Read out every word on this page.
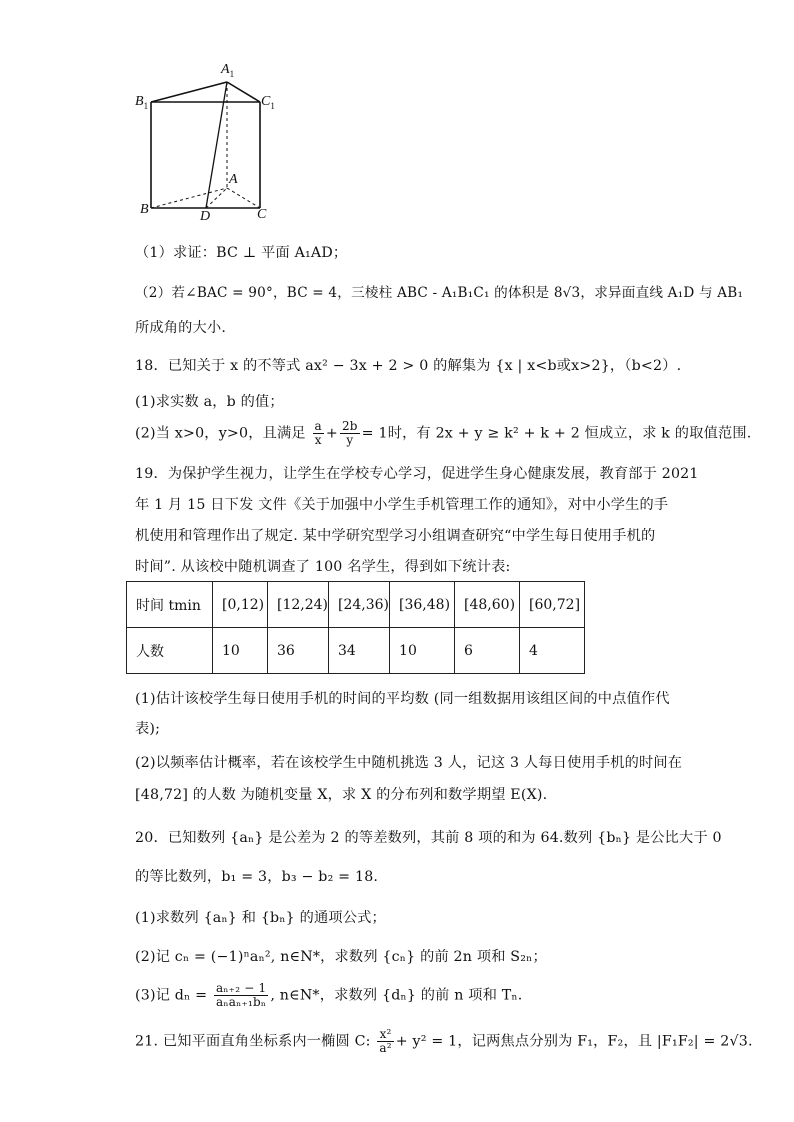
$A_1$
$B_1$	$C_1$
A
B	C
D
（1）求证：BC ⊥ 平面 A₁AD；
（2）若∠BAC = 90°，BC = 4，三棱柱 ABC - A₁B₁C₁ 的体积是 8√3，求异面直线 A₁D 与 AB₁
所成角的大小.
18．已知关于 x 的不等式 ax² − 3x + 2 > 0 的解集为 {x | x<b或x>2}，（b<2）.
(1)求实数 a，b 的值；
(2)当 x>0，y>0，且满足 $\frac{a}{x} + \frac{2b}{y} = 1$时，有 2x + y ≥ k² + k + 2 恒成立，求 k 的取值范围.
19．为保护学生视力，让学生在学校专心学习，促进学生身心健康发展，教育部于 2021
年 1 月 15 日下发 文件《关于加强中小学生手机管理工作的通知》，对中小学生的手
机使用和管理作出了规定. 某中学研究型学习小组调查研究“中学生每日使用手机的
时间”. 从该校中随机调查了 100 名学生，得到如下统计表:
时间 tmin	[0,12)	[12,24)	[24,36)	[36,48)	[48,60)	[60,72]
人数	10	36	34	10	6	4
(1)估计该校学生每日使用手机的时间的平均数 (同一组数据用该组区间的中点值作代
表);
(2)以频率估计概率，若在该校学生中随机挑选 3 人，记这 3 人每日使用手机的时间在
[48,72] 的人数 为随机变量 X，求 X 的分布列和数学期望 E(X).
20．已知数列 {aₙ} 是公差为 2 的等差数列，其前 8 项的和为 64.数列 {bₙ} 是公比大于 0
的等比数列，b₁ = 3，b₃ − b₂ = 18.
(1)求数列 {aₙ} 和 {bₙ} 的通项公式；
(2)记 cₙ = (−1)ⁿaₙ², n∈N*，求数列 {cₙ} 的前 2n 项和 S₂ₙ；
(3)记 $d_n = \frac{\text{aₙ₊₂ − 1}}{\text{aₙaₙ₊₁bₙ}}$ , n∈N*，求数列 {dₙ} 的前 n 项和 Tₙ.
21. 已知平面直角坐标系内一椭圆 C: $\frac{\text{x²}}{\text{a²}} + y^2 = 1$，记两焦点分别为 F₁，F₂，且 |F₁F₂| = 2√3.
